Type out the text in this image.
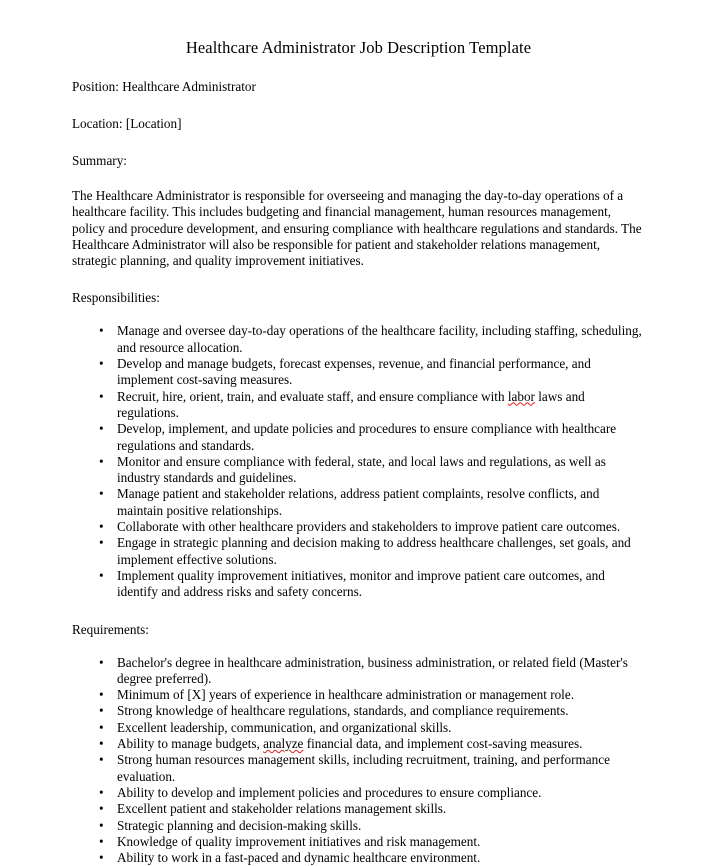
Healthcare Administrator Job Description Template

Position: Healthcare Administrator

Location: [Location]

Summary:

The Healthcare Administrator is responsible for overseeing and managing the day-to-day operations of a healthcare facility. This includes budgeting and financial management, human resources management, policy and procedure development, and ensuring compliance with healthcare regulations and standards. The Healthcare Administrator will also be responsible for patient and stakeholder relations management, strategic planning, and quality improvement initiatives.

Responsibilities:

• Manage and oversee day-to-day operations of the healthcare facility, including staffing, scheduling, and resource allocation.
• Develop and manage budgets, forecast expenses, revenue, and financial performance, and implement cost-saving measures.
• Recruit, hire, orient, train, and evaluate staff, and ensure compliance with labor laws and regulations.
• Develop, implement, and update policies and procedures to ensure compliance with healthcare regulations and standards.
• Monitor and ensure compliance with federal, state, and local laws and regulations, as well as industry standards and guidelines.
• Manage patient and stakeholder relations, address patient complaints, resolve conflicts, and maintain positive relationships.
• Collaborate with other healthcare providers and stakeholders to improve patient care outcomes.
• Engage in strategic planning and decision making to address healthcare challenges, set goals, and implement effective solutions.
• Implement quality improvement initiatives, monitor and improve patient care outcomes, and identify and address risks and safety concerns.

Requirements:

• Bachelor's degree in healthcare administration, business administration, or related field (Master's degree preferred).
• Minimum of [X] years of experience in healthcare administration or management role.
• Strong knowledge of healthcare regulations, standards, and compliance requirements.
• Excellent leadership, communication, and organizational skills.
• Ability to manage budgets, analyze financial data, and implement cost-saving measures.
• Strong human resources management skills, including recruitment, training, and performance evaluation.
• Ability to develop and implement policies and procedures to ensure compliance.
• Excellent patient and stakeholder relations management skills.
• Strategic planning and decision-making skills.
• Knowledge of quality improvement initiatives and risk management.
• Ability to work in a fast-paced and dynamic healthcare environment.
